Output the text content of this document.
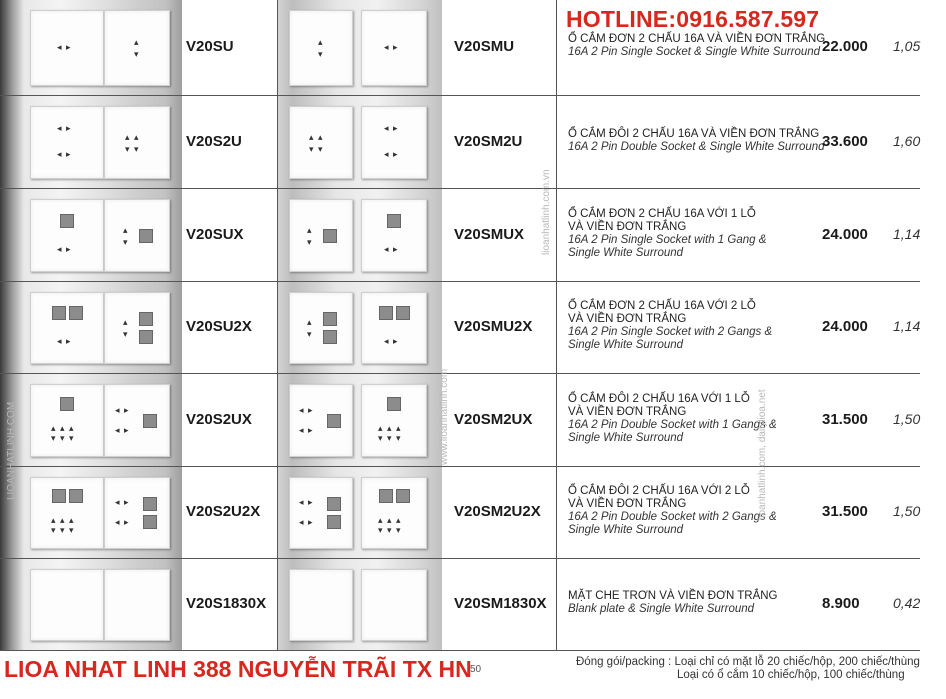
◂ ▸	▴
▾
▴
▾
◂ ▸
V20SU	V20SMU	Ổ CẮM ĐƠN 2 CHẤU 16A VÀ VIỀN ĐƠN TRẮNG
16A 2 Pin Single Socket & Single White Surround 22.000 1,05
◂ ▸
◂ ▸
▴ ▴
▾ ▾
▴ ▴
▾ ▾
◂ ▸
◂ ▸
V20S2U	V20SM2U	Ổ CẮM ĐÔI 2 CHẤU 16A VÀ VIỀN ĐƠN TRẮNG
16A 2 Pin Double Socket & Single White Surround
33.600 1,60
◂ ▸
▴
▾
▴
▾
◂ ▸
V20SUX	V20SMUX
Ổ CẮM ĐƠN 2 CHẤU 16A VỚI 1 LỖ
VÀ VIỀN ĐƠN TRẮNG
16A 2 Pin Single Socket with 1 Gang &
Single White Surround
24.000 1,14
◂ ▸
▴
▾
▴
▾
◂ ▸
V20SU2X	V20SMU2X
Ổ CẮM ĐƠN 2 CHẤU 16A VỚI 2 LỖ
VÀ VIỀN ĐƠN TRẮNG
16A 2 Pin Single Socket with 2 Gangs &
Single White Surround
24.000 1,14
▴ ▴ ▴
▾ ▾ ▾
◂ ▸
◂ ▸
◂ ▸
◂ ▸	▴ ▴ ▴
▾ ▾ ▾
V20S2UX	V20SM2UX
Ổ CẮM ĐÔI 2 CHẤU 16A VỚI 1 LỖ
VÀ VIỀN ĐƠN TRẮNG
16A 2 Pin Double Socket with 1 Gangs &
Single White Surround
31.500 1,50
▴ ▴ ▴
▾ ▾ ▾
◂ ▸
◂ ▸
◂ ▸
◂ ▸	▴ ▴ ▴
▾ ▾ ▾
V20S2U2X	V20SM2U2X
Ổ CẮM ĐÔI 2 CHẤU 16A VỚI 2 LỖ
VÀ VIỀN ĐƠN TRẮNG
16A 2 Pin Double Socket with 2 Gangs &
Single White Surround
31.500 1,50
V20S1830X	V20SM1830X MẶT CHE TRƠN VÀ VIỀN ĐƠN TRẮNG
Blank plate & Single White Surround	8.900 0,42
HOTLINE:0916.587.597
lioanhatlinh.com.vn
LIOANHATLINH.COM	www.lioanhatlinh.com	lioanhatlinh.com, dailylioa.net
LIOA NHAT LINH 388 NGUYỄN TRÃI TX HN
50
Đóng gói/packing : Loại chỉ có mặt lỗ 20 chiếc/hộp, 200 chiếc/thùng
Loại có ổ cắm 10 chiếc/hộp, 100 chiếc/thùng
